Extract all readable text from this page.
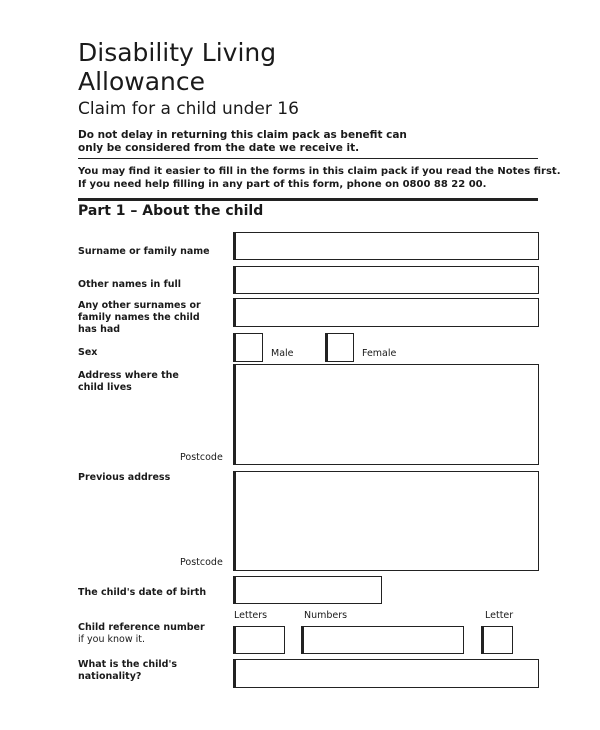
Disability Living
Allowance
Claim for a child under 16
Do not delay in returning this claim pack as benefit can
only be considered from the date we receive it.
You may find it easier to fill in the forms in this claim pack if you read the Notes first.
If you need help filling in any part of this form, phone on 0800 88 22 00.
Part 1 – About the child
Surname or family name
Other names in full
Any other surnames or family names the child has had
Sex	Male	Female
Address where the child lives
Postcode
Previous address
Postcode
The child's date of birth
Letters	Numbers	Letter
Child reference number
if you know it.
What is the child's nationality?
